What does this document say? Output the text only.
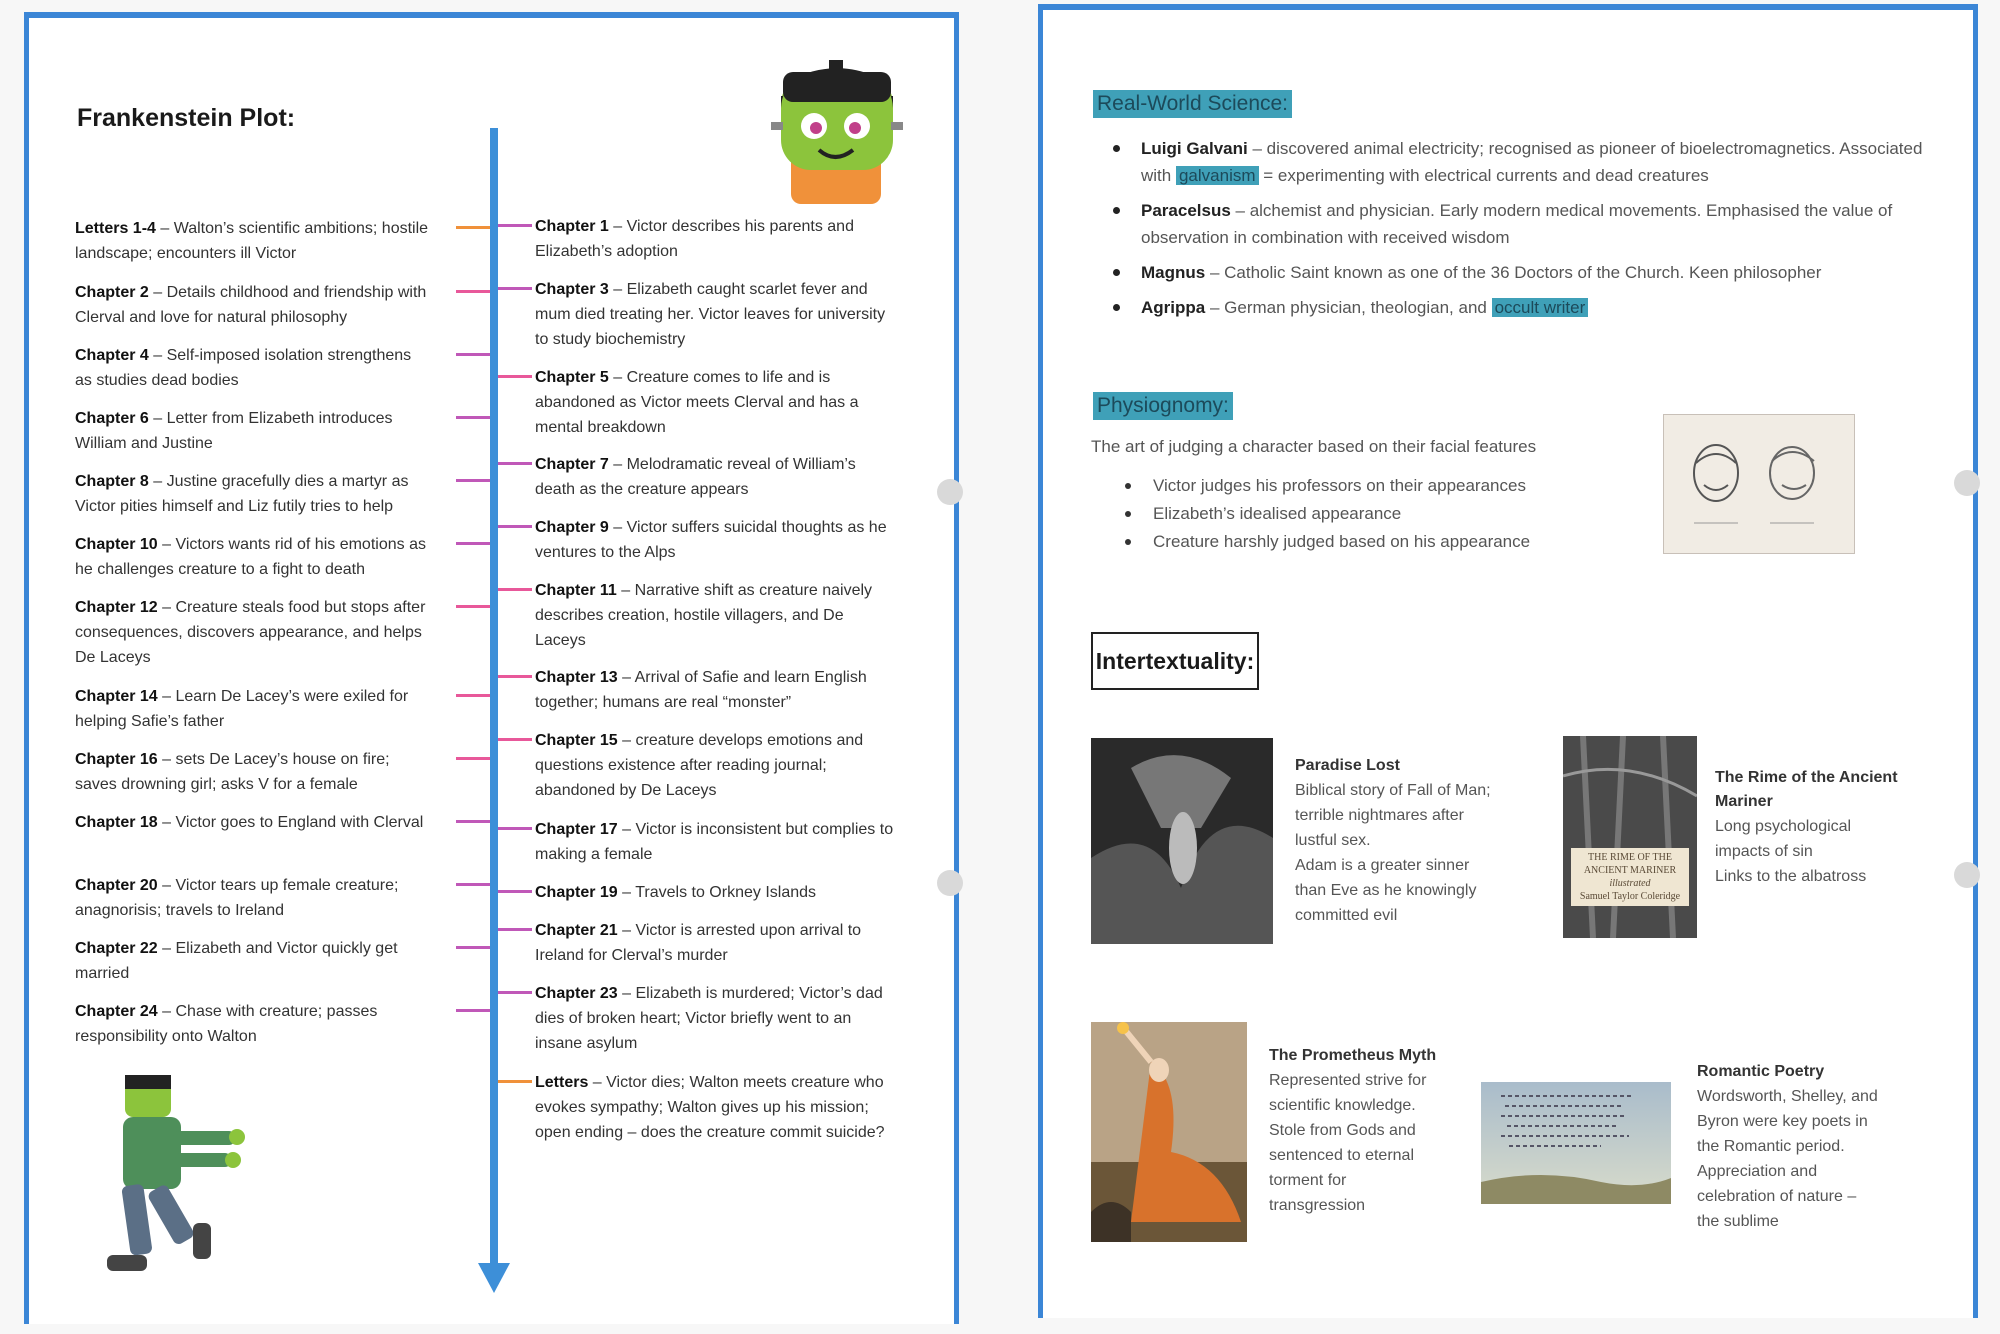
Frankenstein Plot:
Letters 1-4 – Walton’s scientific ambitions; hostile landscape; encounters ill Victor
Chapter 2 – Details childhood and friendship with Clerval and love for natural philosophy
Chapter 4 – Self-imposed isolation strengthens as studies dead bodies
Chapter 6 – Letter from Elizabeth introduces William and Justine
Chapter 8 – Justine gracefully dies a martyr as Victor pities himself and Liz futily tries to help
Chapter 10 – Victors wants rid of his emotions as he challenges creature to a fight to death
Chapter 12 – Creature steals food but stops after consequences, discovers appearance, and helps De Laceys
Chapter 14 – Learn De Lacey’s were exiled for helping Safie’s father
Chapter 16 – sets De Lacey’s house on fire; saves drowning girl; asks V for a female
Chapter 18 – Victor goes to England with Clerval
Chapter 20 – Victor tears up female creature; anagnorisis; travels to Ireland
Chapter 22 – Elizabeth and Victor quickly get married
Chapter 24 – Chase with creature; passes responsibility onto Walton
Chapter 1 – Victor describes his parents and Elizabeth’s adoption
Chapter 3 – Elizabeth caught scarlet fever and mum died treating her. Victor leaves for university to study biochemistry
Chapter 5 – Creature comes to life and is abandoned as Victor meets Clerval and has a mental breakdown
Chapter 7 – Melodramatic reveal of William’s death as the creature appears
Chapter 9 – Victor suffers suicidal thoughts as he ventures to the Alps
Chapter 11 – Narrative shift as creature naively describes creation, hostile villagers, and De Laceys
Chapter 13 – Arrival of Safie and learn English together; humans are real “monster”
Chapter 15 – creature develops emotions and questions existence after reading journal; abandoned by De Laceys
Chapter 17 – Victor is inconsistent but complies to making a female
Chapter 19 – Travels to Orkney Islands
Chapter 21 – Victor is arrested upon arrival to Ireland for Clerval’s murder
Chapter 23 – Elizabeth is murdered; Victor’s dad dies of broken heart; Victor briefly went to an insane asylum
Letters – Victor dies; Walton meets creature who evokes sympathy; Walton gives up his mission; open ending – does the creature commit suicide?
Real-World Science:
Luigi Galvani – discovered animal electricity; recognised as pioneer of bioelectromagnetics. Associated with galvanism = experimenting with electrical currents and dead creatures
Paracelsus – alchemist and physician. Early modern medical movements. Emphasised the value of observation in combination with received wisdom
Magnus – Catholic Saint known as one of the 36 Doctors of the Church. Keen philosopher
Agrippa – German physician, theologian, and occult writer
Physiognomy:
The art of judging a character based on their facial features
Victor judges his professors on their appearances
Elizabeth’s idealised appearance
Creature harshly judged based on his appearance
Intertextuality:
Paradise Lost
Biblical story of Fall of Man;
terrible nightmares after
lustful sex.
Adam is a greater sinner
than Eve as he knowingly
committed evil
THE RIME OF THE
ANCIENT MARINER
illustrated
Samuel Taylor Coleridge
The Rime of the Ancient
Mariner
Long psychological
impacts of sin
Links to the albatross
The Prometheus Myth
Represented strive for
scientific knowledge.
Stole from Gods and
sentenced to eternal
torment for
transgression
Romantic Poetry
Wordsworth, Shelley, and
Byron were key poets in
the Romantic period.
Appreciation and
celebration of nature –
the sublime
